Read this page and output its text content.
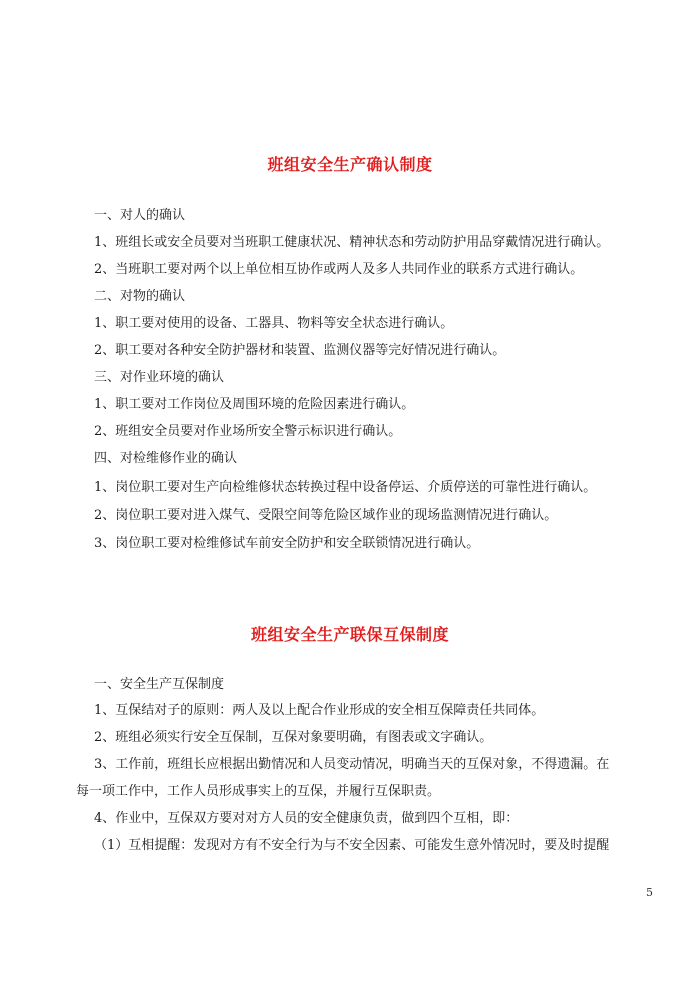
班组安全生产确认制度
一、对人的确认
1、班组长或安全员要对当班职工健康状况、精神状态和劳动防护用品穿戴情况进行确认。
2、当班职工要对两个以上单位相互协作或两人及多人共同作业的联系方式进行确认。
二、对物的确认
1、职工要对使用的设备、工器具、物料等安全状态进行确认。
2、职工要对各种安全防护器材和装置、监测仪器等完好情况进行确认。
三、对作业环境的确认
1、职工要对工作岗位及周围环境的危险因素进行确认。
2、班组安全员要对作业场所安全警示标识进行确认。
四、对检维修作业的确认
1、岗位职工要对生产向检维修状态转换过程中设备停运、介质停送的可靠性进行确认。
2、岗位职工要对进入煤气、受限空间等危险区域作业的现场监测情况进行确认。
3、岗位职工要对检维修试车前安全防护和安全联锁情况进行确认。
班组安全生产联保互保制度
一、安全生产互保制度
1、互保结对子的原则：两人及以上配合作业形成的安全相互保障责任共同体。
2、班组必须实行安全互保制，互保对象要明确，有图表或文字确认。
3、工作前，班组长应根据出勤情况和人员变动情况，明确当天的互保对象，不得遗漏。在
每一项工作中，工作人员形成事实上的互保，并履行互保职责。
4、作业中，互保双方要对对方人员的安全健康负责，做到四个互相，即：
（1）互相提醒：发现对方有不安全行为与不安全因素、可能发生意外情况时，要及时提醒
5
